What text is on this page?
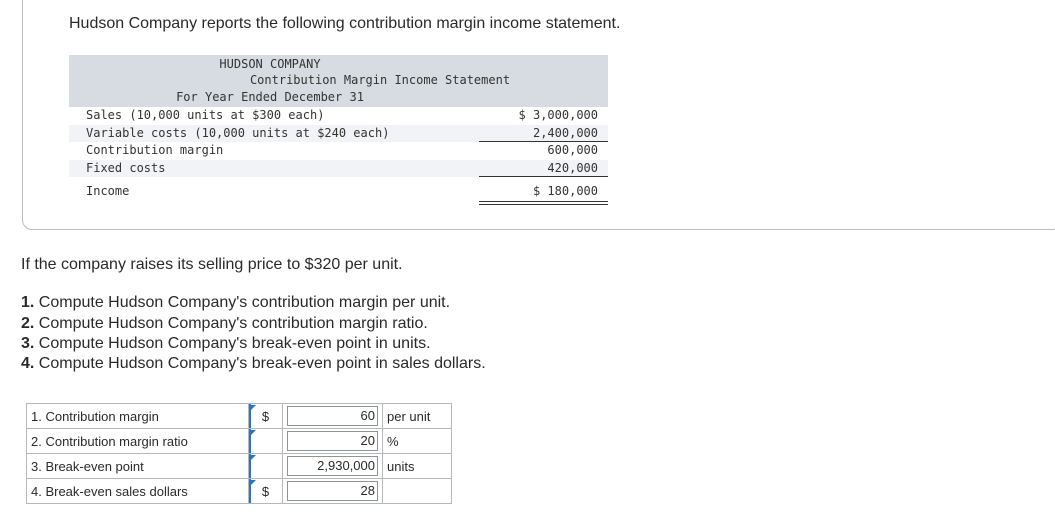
Hudson Company reports the following contribution margin income statement.
HUDSON COMPANY
Contribution Margin Income Statement
For Year Ended December 31
Sales (10,000 units at $300 each)	$ 3,000,000
Variable costs (10,000 units at $240 each)	2,400,000
Contribution margin	600,000
Fixed costs	420,000
Income	$ 180,000
If the company raises its selling price to $320 per unit.
1. Compute Hudson Company's contribution margin per unit.
2. Compute Hudson Company's contribution margin ratio.
3. Compute Hudson Company's break-even point in units.
4. Compute Hudson Company's break-even point in sales dollars.
1. Contribution margin	$	60	per unit
2. Contribution margin ratio		20	%
3. Break-even point		2,930,000	units
4. Break-even sales dollars	$	28	
